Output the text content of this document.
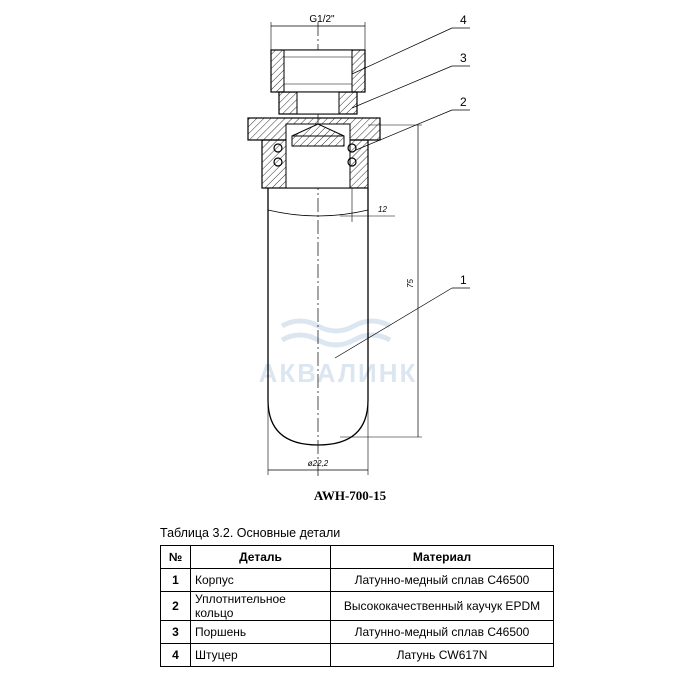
АКВАЛИНК
G1/2"
12
75
ø22,2
4
3
2
1
AWH-700-15
Таблица 3.2. Основные детали
№	Деталь	Материал
1	Корпус	Латунно-медный сплав C46500
2	Уплотнительное кольцо	Высококачественный каучук EPDM
3	Поршень	Латунно-медный сплав C46500
4	Штуцер	Латунь CW617N
